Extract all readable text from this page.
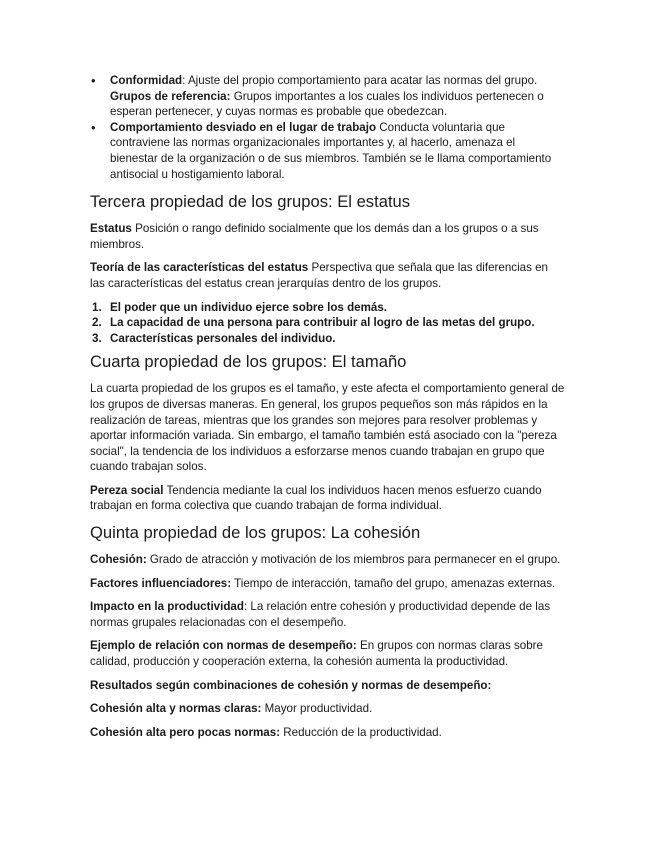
• Conformidad: Ajuste del propio comportamiento para acatar las normas del grupo. Grupos de referencia: Grupos importantes a los cuales los individuos pertenecen o esperan pertenecer, y cuyas normas es probable que obedezcan.
• Comportamiento desviado en el lugar de trabajo Conducta voluntaria que contraviene las normas organizacionales importantes y, al hacerlo, amenaza el bienestar de la organización o de sus miembros. También se le llama comportamiento antisocial u hostigamiento laboral.
Tercera propiedad de los grupos: El estatus

Estatus Posición o rango definido socialmente que los demás dan a los grupos o a sus miembros.

Teoría de las características del estatus Perspectiva que señala que las diferencias en las características del estatus crean jerarquías dentro de los grupos.

1. El poder que un individuo ejerce sobre los demás.
2. La capacidad de una persona para contribuir al logro de las metas del grupo.
3. Características personales del individuo.
Cuarta propiedad de los grupos: El tamaño

La cuarta propiedad de los grupos es el tamaño, y este afecta el comportamiento general de los grupos de diversas maneras. En general, los grupos pequeños son más rápidos en la realización de tareas, mientras que los grandes son mejores para resolver problemas y aportar información variada. Sin embargo, el tamaño también está asociado con la "pereza social", la tendencia de los individuos a esforzarse menos cuando trabajan en grupo que cuando trabajan solos.

Pereza social Tendencia mediante la cual los individuos hacen menos esfuerzo cuando trabajan en forma colectiva que cuando trabajan de forma individual.

Quinta propiedad de los grupos: La cohesión

Cohesión: Grado de atracción y motivación de los miembros para permanecer en el grupo.

Factores influenciadores: Tiempo de interacción, tamaño del grupo, amenazas externas.

Impacto en la productividad: La relación entre cohesión y productividad depende de las normas grupales relacionadas con el desempeño.

Ejemplo de relación con normas de desempeño: En grupos con normas claras sobre calidad, producción y cooperación externa, la cohesión aumenta la productividad.

Resultados según combinaciones de cohesión y normas de desempeño:

Cohesión alta y normas claras: Mayor productividad.

Cohesión alta pero pocas normas: Reducción de la productividad.
